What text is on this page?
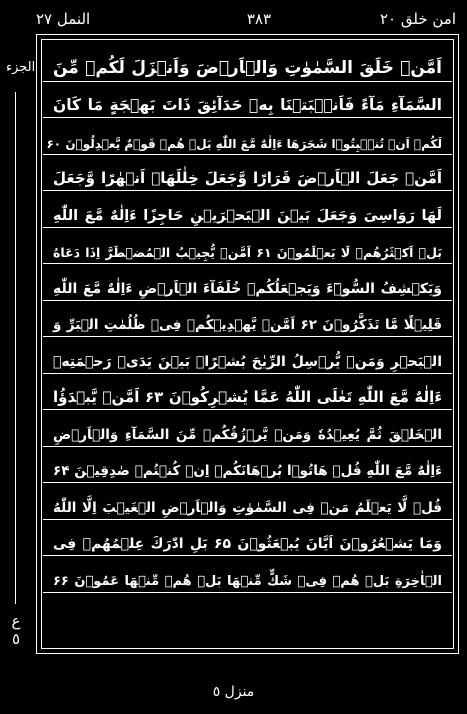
امن خلق ٢٠
٣٨٣
النمل ٢٧
الجزء
ع ٥
اَمَّنۡ خَلَقَ السَّمٰوٰتِ وَالۡاَرۡضَ وَاَنۡزَلَ لَكُمۡ مِّنَ
السَّمَآءِ مَآءً فَاَنۡۢبَتۡنَا بِهٖ حَدَآئِقَ ذَاتَ بَهۡجَةٍ مَا كَانَ
لَكُمۡ اَنۡ تُنۡۢبِتُوۡا شَجَرَهَا ءَاِلٰهٌ مَّعَ اللّٰهِ بَلۡ هُمۡ قَوۡمٌ يَّعۡدِلُوۡنَ ۶۰
اَمَّنۡ جَعَلَ الۡاَرۡضَ قَرَارًا وَّجَعَلَ خِلٰلَهَاۤ اَنۡهٰرًا وَّجَعَلَ
لَهَا رَوَاسِىَ وَجَعَلَ بَيۡنَ الۡبَحۡرَيۡنِ حَاجِزًا ءَاِلٰهٌ مَّعَ اللّٰهِ
بَلۡ اَكۡثَرُهُمۡ لَا يَعۡلَمُوۡنَ ۶۱ اَمَّنۡ يُّجِيۡبُ الۡمُضۡطَرَّ اِذَا دَعَاهُ
وَيَكۡشِفُ السُّوۡٓءَ وَيَجۡعَلُكُمۡ خُلَفَآءَ الۡاَرۡضِ ءَاِلٰهٌ مَّعَ اللّٰهِ
قَلِيۡلًا مَّا تَذَكَّرُوۡنَ ۶۲ اَمَّنۡ يَّهۡدِيۡكُمۡ فِىۡ ظُلُمٰتِ الۡبَرِّ وَ
الۡبَحۡرِ وَمَنۡ يُّرۡسِلُ الرِّيٰحَ بُشۡرًاۢ بَيۡنَ يَدَىۡ رَحۡمَتِهٖ
ءَاِلٰهٌ مَّعَ اللّٰهِ تَعٰلَى اللّٰهُ عَمَّا يُشۡرِكُوۡنَ ۶۳ اَمَّنۡ يَّبۡدَؤُا
الۡخَلۡقَ ثُمَّ يُعِيۡدُهٗ وَمَنۡ يَّرۡزُقُكُمۡ مِّنَ السَّمَآءِ وَالۡاَرۡضِ
ءَاِلٰهٌ مَّعَ اللّٰهِ قُلۡ هَاتُوۡا بُرۡهَانَكُمۡ اِنۡ كُنۡتُمۡ صٰدِقِيۡنَ ۶۴
قُلۡ لَّا يَعۡلَمُ مَنۡ فِى السَّمٰوٰتِ وَالۡاَرۡضِ الۡغَيۡبَ اِلَّا اللّٰهُ
وَمَا يَشۡعُرُوۡنَ اَيَّانَ يُبۡعَثُوۡنَ ۶۵ بَلِ ادّٰرَكَ عِلۡمُهُمۡ فِى
الۡاٰخِرَةِ بَلۡ هُمۡ فِىۡ شَكٍّ مِّنۡهَا بَلۡ هُمۡ مِّنۡهَا عَمُوۡنَ ۶۶
منزل ٥
